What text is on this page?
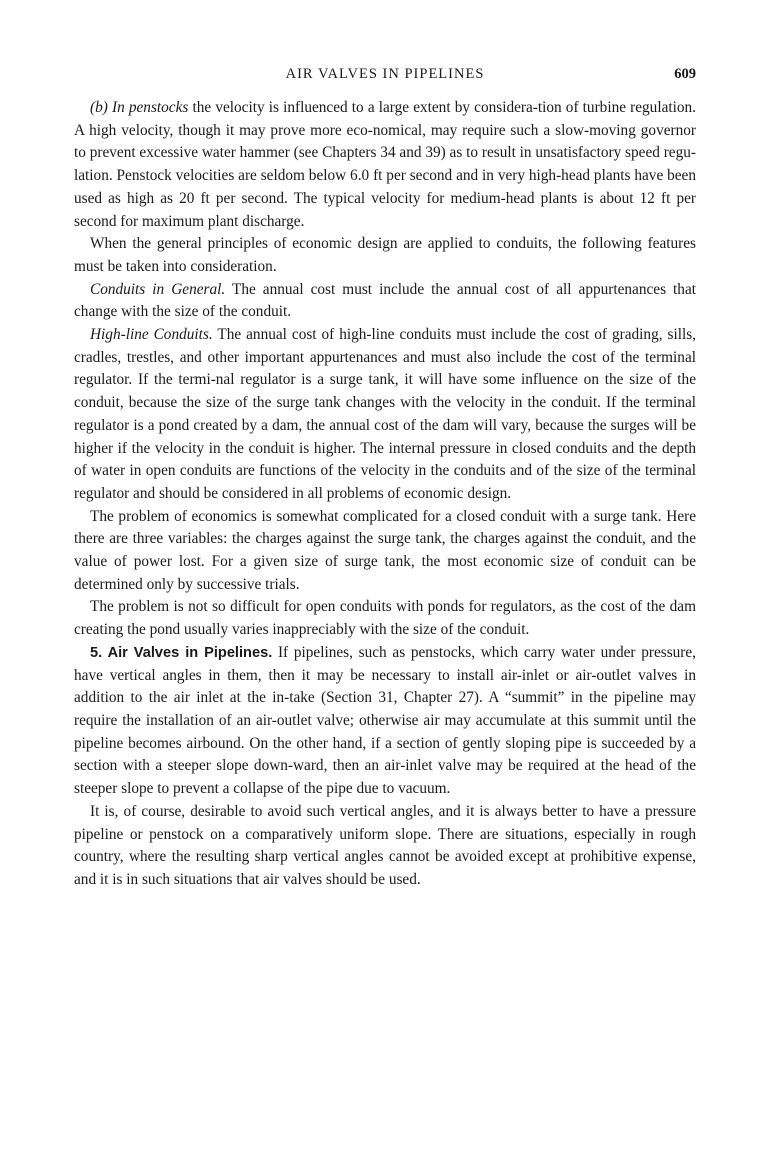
AIR VALVES IN PIPELINES	609

(b) In penstocks the velocity is influenced to a large extent by considera-tion of turbine regulation. A high velocity, though it may prove more eco-nomical, may require such a slow-moving governor to prevent excessive water hammer (see Chapters 34 and 39) as to result in unsatisfactory speed regu-lation. Penstock velocities are seldom below 6.0 ft per second and in very high-head plants have been used as high as 20 ft per second. The typical velocity for medium-head plants is about 12 ft per second for maximum plant discharge.

When the general principles of economic design are applied to conduits, the following features must be taken into consideration.

Conduits in General. The annual cost must include the annual cost of all appurtenances that change with the size of the conduit.

High-line Conduits. The annual cost of high-line conduits must include the cost of grading, sills, cradles, trestles, and other important appurtenances and must also include the cost of the terminal regulator. If the termi-nal regulator is a surge tank, it will have some influence on the size of the conduit, because the size of the surge tank changes with the velocity in the conduit. If the terminal regulator is a pond created by a dam, the annual cost of the dam will vary, because the surges will be higher if the velocity in the conduit is higher. The internal pressure in closed conduits and the depth of water in open conduits are functions of the velocity in the conduits and of the size of the terminal regulator and should be considered in all problems of economic design.

The problem of economics is somewhat complicated for a closed conduit with a surge tank. Here there are three variables: the charges against the surge tank, the charges against the conduit, and the value of power lost. For a given size of surge tank, the most economic size of conduit can be determined only by successive trials.

The problem is not so difficult for open conduits with ponds for regulators, as the cost of the dam creating the pond usually varies inappreciably with the size of the conduit.

5. Air Valves in Pipelines. If pipelines, such as penstocks, which carry water under pressure, have vertical angles in them, then it may be necessary to install air-inlet or air-outlet valves in addition to the air inlet at the in-take (Section 31, Chapter 27). A “summit” in the pipeline may require the installation of an air-outlet valve; otherwise air may accumulate at this summit until the pipeline becomes airbound. On the other hand, if a section of gently sloping pipe is succeeded by a section with a steeper slope down-ward, then an air-inlet valve may be required at the head of the steeper slope to prevent a collapse of the pipe due to vacuum.

It is, of course, desirable to avoid such vertical angles, and it is always better to have a pressure pipeline or penstock on a comparatively uniform slope. There are situations, especially in rough country, where the resulting sharp vertical angles cannot be avoided except at prohibitive expense, and it is in such situations that air valves should be used.
